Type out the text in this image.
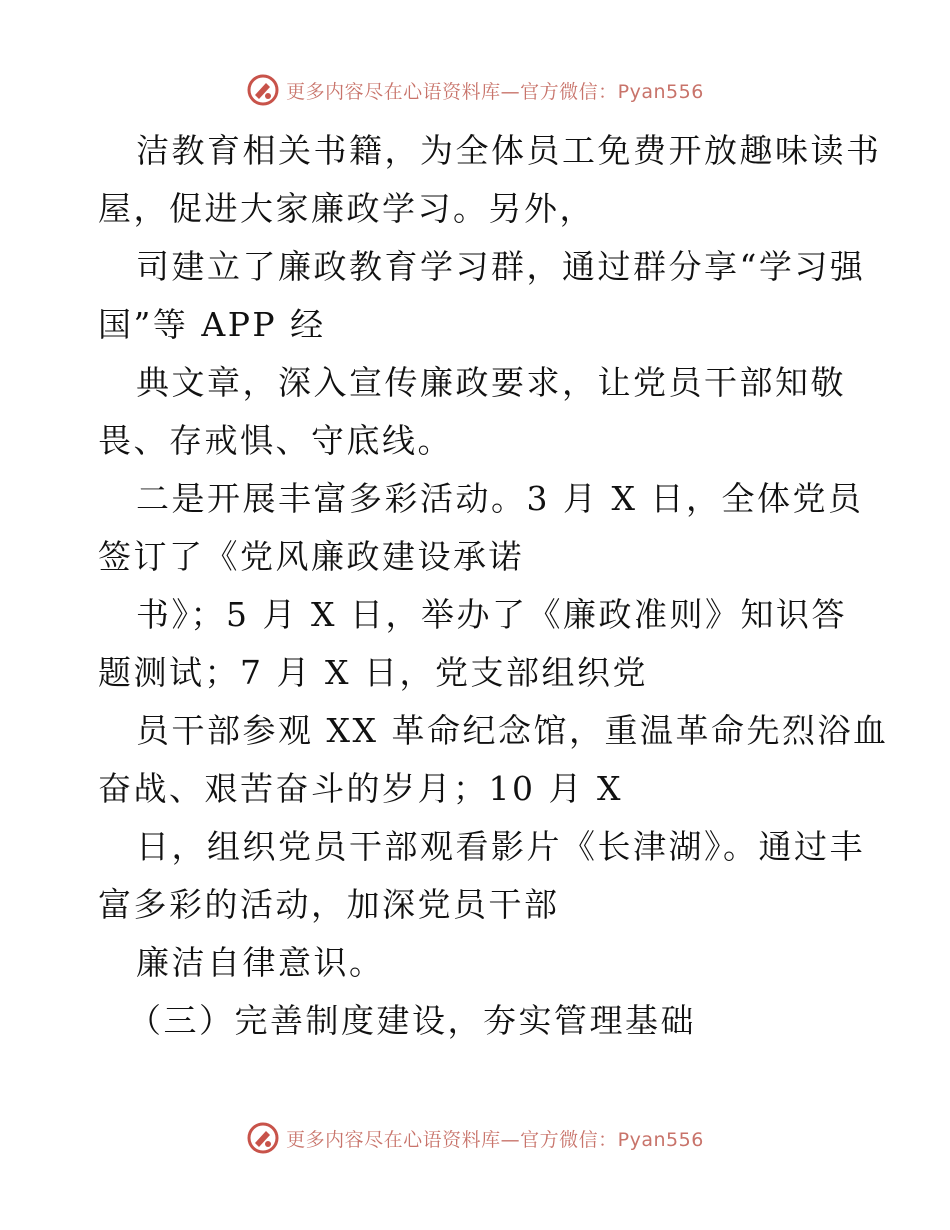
更多内容尽在心语资料库—官方微信：Pyan556
洁教育相关书籍，为全体员工免费开放趣味读书
屋，促进大家廉政学习。另外，
司建立了廉政教育学习群，通过群分享“学习强
国”等 APP 经
典文章，深入宣传廉政要求，让党员干部知敬
畏、存戒惧、守底线。
二是开展丰富多彩活动。3 月 X 日，全体党员
签订了《党风廉政建设承诺
书》；5 月 X 日，举办了《廉政准则》知识答
题测试；7 月 X 日，党支部组织党
员干部参观 XX 革命纪念馆，重温革命先烈浴血
奋战、艰苦奋斗的岁月；10 月 X
日，组织党员干部观看影片《长津湖》。通过丰
富多彩的活动，加深党员干部
廉洁自律意识。
（三）完善制度建设，夯实管理基础
更多内容尽在心语资料库—官方微信：Pyan556
